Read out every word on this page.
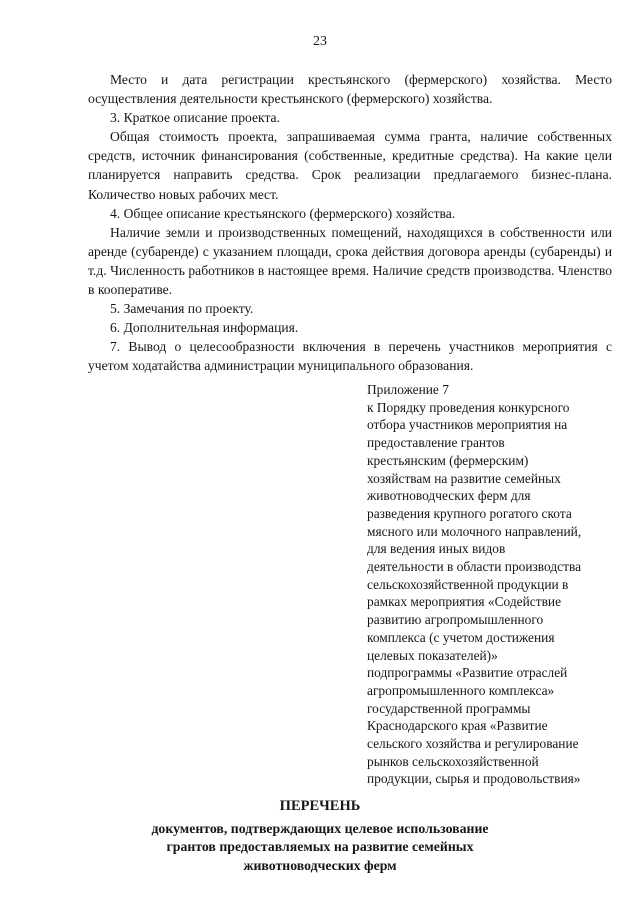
23

Место и дата регистрации крестьянского (фермерского) хозяйства. Место осуществления деятельности крестьянского (фермерского) хозяйства.

3. Краткое описание проекта.

Общая стоимость проекта, запрашиваемая сумма гранта, наличие собственных средств, источник финансирования (собственные, кредитные средства). На какие цели планируется направить средства. Срок реализации предлагаемого бизнес-плана. Количество новых рабочих мест.

4. Общее описание крестьянского (фермерского) хозяйства.

Наличие земли и производственных помещений, находящихся в собственности или аренде (субаренде) с указанием площади, срока действия договора аренды (субаренды) и т.д. Численность работников в настоящее время. Наличие средств производства. Членство в кооперативе.

5. Замечания по проекту.

6. Дополнительная информация.

7. Вывод о целесообразности включения в перечень участников мероприятия с учетом ходатайства администрации муниципального образования.

Приложение 7
к Порядку проведения конкурсного
отбора участников мероприятия на
предоставление грантов
крестьянским (фермерским)
хозяйствам на развитие семейных
животноводческих ферм для
разведения крупного рогатого скота
мясного или молочного направлений,
для ведения иных видов
деятельности в области производства
сельскохозяйственной продукции в
рамках мероприятия «Содействие
развитию агропромышленного
комплекса (с учетом достижения
целевых показателей)»
подпрограммы «Развитие отраслей
агропромышленного комплекса»
государственной программы
Краснодарского края «Развитие
сельского хозяйства и регулирование
рынков сельскохозяйственной
продукции, сырья и продовольствия»
ПЕРЕЧЕНЬ
документов, подтверждающих целевое использование
грантов предоставляемых на развитие семейных
животноводческих ферм
